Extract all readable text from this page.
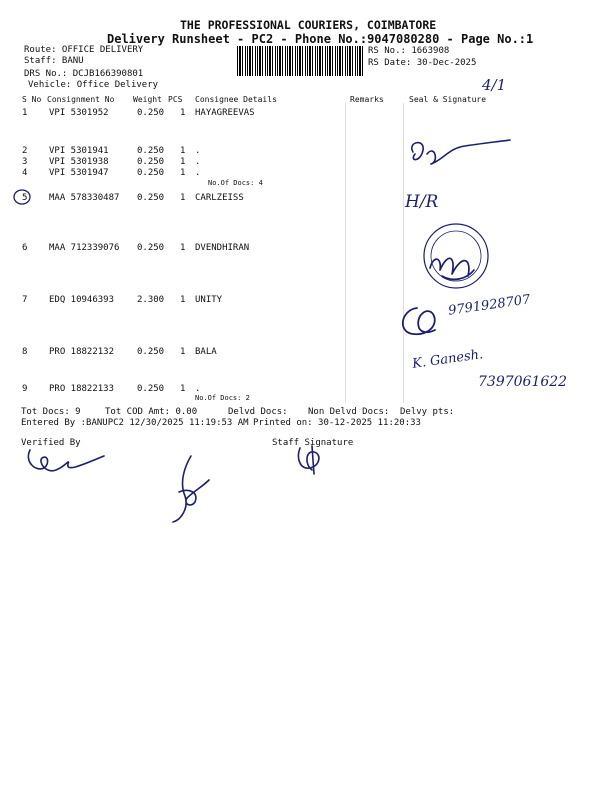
THE PROFESSIONAL COURIERS, COIMBATORE
Delivery Runsheet - PC2 - Phone No.:9047080280 - Page No.:1
Route: OFFICE DELIVERY
Staff: BANU
DRS No.: DCJB166390801
Vehicle: Office Delivery
RS No.: 1663908
RS Date: 30-Dec-2025
4/1
S No Consignment No Weight PCS Consignee Details	Remarks	Seal & Signature
1 VPI 5301952	0.250 1 HAYAGREEVAS
2 VPI 5301941	0.250 1 .
3 VPI 5301938	0.250 1 .
4 VPI 5301947	0.250 1 .
No.Of Docs: 4
5 MAA 578330487 0.250 1 CARLZEISS
6 MAA 712339076 0.250 1 DVENDHIRAN
7 EDQ 10946393	2.300 1 UNITY
8 PRO 18822132	0.250 1 BALA
9 PRO 18822133	0.250 1 .
No.Of Docs: 2
H/R
9791928707
K. Ganesh.
7397061622
Tot Docs: 9	Tot COD Amt: 0.00	Delvd Docs: Non Delvd Docs: Delvy pts:
Entered By :BANUPC2 12/30/2025 11:19:53 AM Printed on: 30-12-2025 11:20:33
Verified By	Staff Signature
